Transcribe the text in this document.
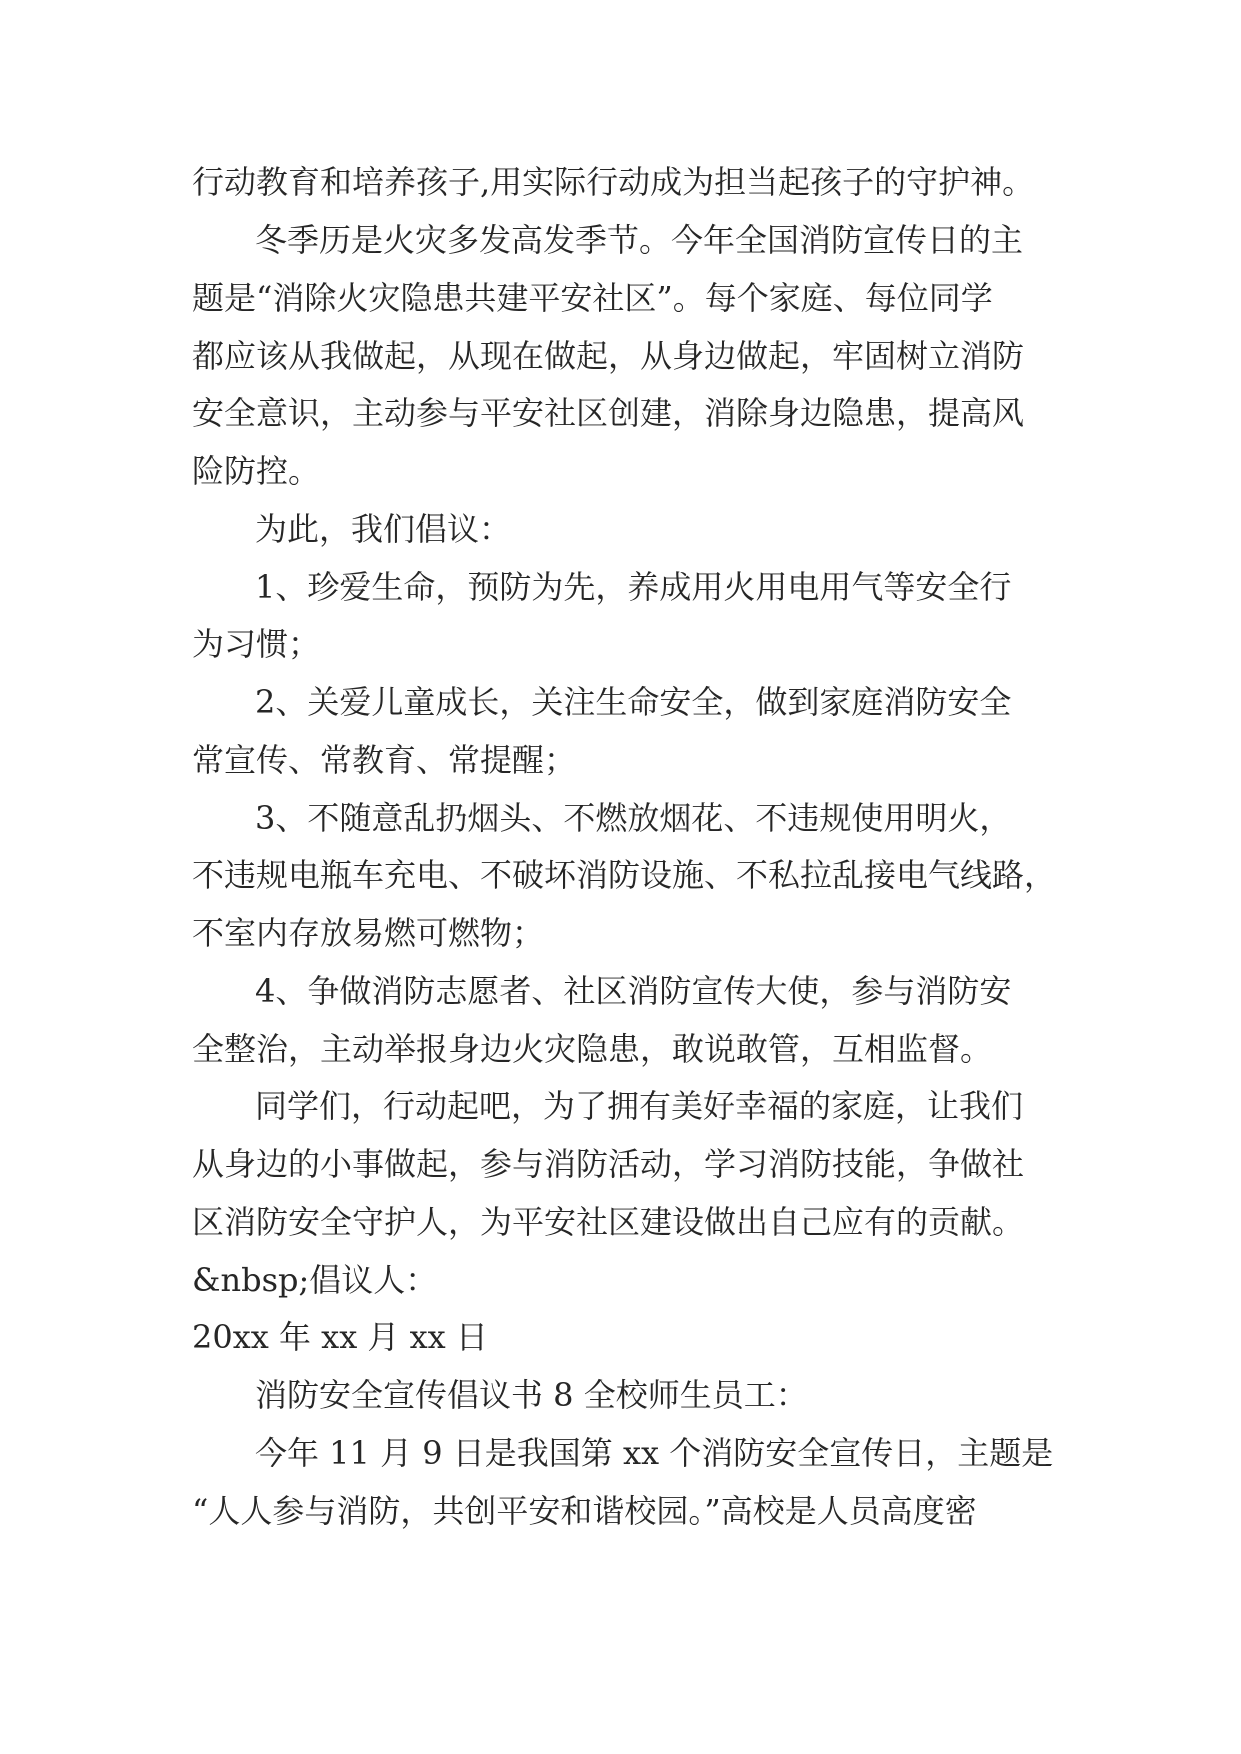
行动教育和培养孩子,用实际行动成为担当起孩子的守护神。

冬季历是火灾多发高发季节。今年全国消防宣传日的主

题是“消除火灾隐患共建平安社区”。每个家庭、每位同学

都应该从我做起，从现在做起，从身边做起，牢固树立消防

安全意识，主动参与平安社区创建，消除身边隐患，提高风

险防控。

为此，我们倡议：

1、珍爱生命，预防为先，养成用火用电用气等安全行

为习惯；

2、关爱儿童成长，关注生命安全，做到家庭消防安全

常宣传、常教育、常提醒；

3、不随意乱扔烟头、不燃放烟花、不违规使用明火，

不违规电瓶车充电、不破坏消防设施、不私拉乱接电气线路，

不室内存放易燃可燃物；

4、争做消防志愿者、社区消防宣传大使，参与消防安

全整治，主动举报身边火灾隐患，敢说敢管，互相监督。

同学们，行动起吧，为了拥有美好幸福的家庭，让我们

从身边的小事做起，参与消防活动，学习消防技能，争做社

区消防安全守护人，为平安社区建设做出自己应有的贡献。

&nbsp;倡议人：

20xx 年 xx 月 xx 日

消防安全宣传倡议书 8 全校师生员工：

今年 11 月 9 日是我国第 xx 个消防安全宣传日，主题是

“人人参与消防，共创平安和谐校园。”高校是人员高度密
